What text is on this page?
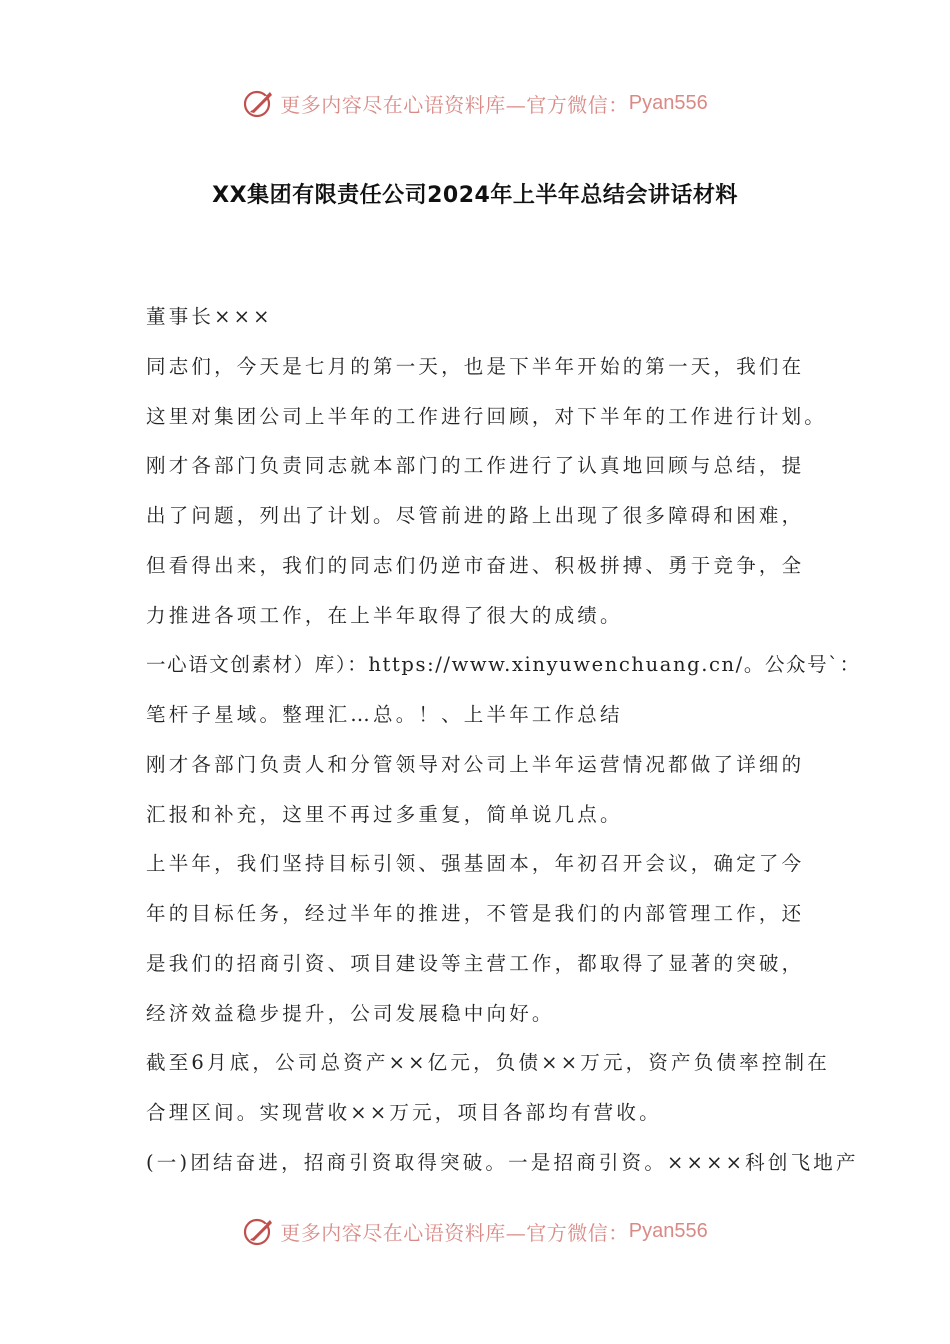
更多内容尽在心语资料库—官方微信： Pyan556
XX集团有限责任公司2024年上半年总结会讲话材料
董事长×××
同志们，今天是七月的第一天，也是下半年开始的第一天，我们在
这里对集团公司上半年的工作进行回顾，对下半年的工作进行计划。
刚才各部门负责同志就本部门的工作进行了认真地回顾与总结，提
出了问题，列出了计划。尽管前进的路上出现了很多障碍和困难，
但看得出来，我们的同志们仍逆市奋进、积极拼搏、勇于竞争，全
力推进各项工作，在上半年取得了很大的成绩。
一心语文创素材）库）：https://www.xinyuwenchuang.cn/。公众号`：
笔杆子星域。整理汇…总。！、上半年工作总结
刚才各部门负责人和分管领导对公司上半年运营情况都做了详细的
汇报和补充，这里不再过多重复，简单说几点。
上半年，我们坚持目标引领、强基固本，年初召开会议，确定了今
年的目标任务，经过半年的推进，不管是我们的内部管理工作，还
是我们的招商引资、项目建设等主营工作，都取得了显著的突破，
经济效益稳步提升，公司发展稳中向好。
截至6月底，公司总资产××亿元，负债××万元，资产负债率控制在
合理区间。实现营收××万元，项目各部均有营收。
(一)团结奋进，招商引资取得突破。一是招商引资。××××科创飞地产
更多内容尽在心语资料库—官方微信： Pyan556
